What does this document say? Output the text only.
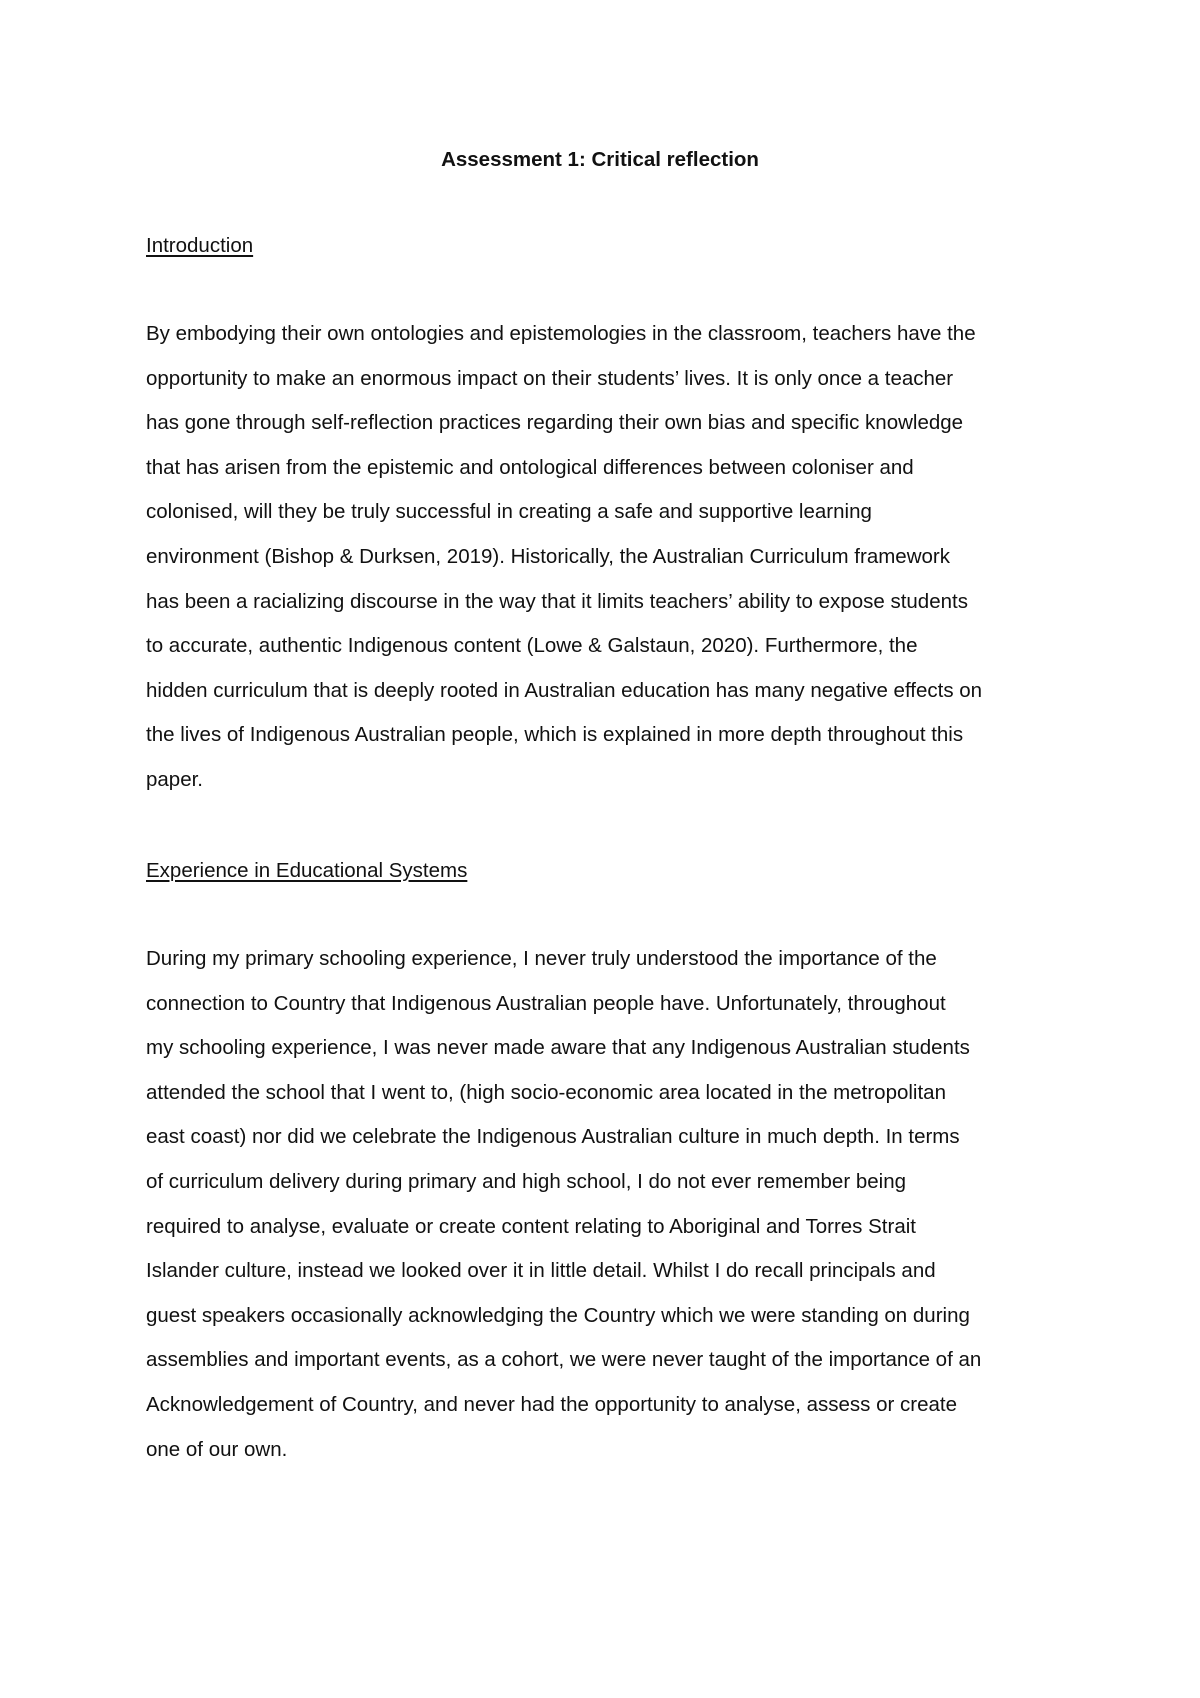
Assessment 1: Critical reflection
Introduction
By embodying their own ontologies and epistemologies in the classroom, teachers have the
opportunity to make an enormous impact on their students’ lives. It is only once a teacher
has gone through self-reflection practices regarding their own bias and specific knowledge
that has arisen from the epistemic and ontological differences between coloniser and
colonised, will they be truly successful in creating a safe and supportive learning
environment (Bishop & Durksen, 2019). Historically, the Australian Curriculum framework
has been a racializing discourse in the way that it limits teachers’ ability to expose students
to accurate, authentic Indigenous content (Lowe & Galstaun, 2020). Furthermore, the
hidden curriculum that is deeply rooted in Australian education has many negative effects on
the lives of Indigenous Australian people, which is explained in more depth throughout this
paper.
Experience in Educational Systems
During my primary schooling experience, I never truly understood the importance of the
connection to Country that Indigenous Australian people have. Unfortunately, throughout
my schooling experience, I was never made aware that any Indigenous Australian students
attended the school that I went to, (high socio-economic area located in the metropolitan
east coast) nor did we celebrate the Indigenous Australian culture in much depth. In terms
of curriculum delivery during primary and high school, I do not ever remember being
required to analyse, evaluate or create content relating to Aboriginal and Torres Strait
Islander culture, instead we looked over it in little detail. Whilst I do recall principals and
guest speakers occasionally acknowledging the Country which we were standing on during
assemblies and important events, as a cohort, we were never taught of the importance of an
Acknowledgement of Country, and never had the opportunity to analyse, assess or create
one of our own.
